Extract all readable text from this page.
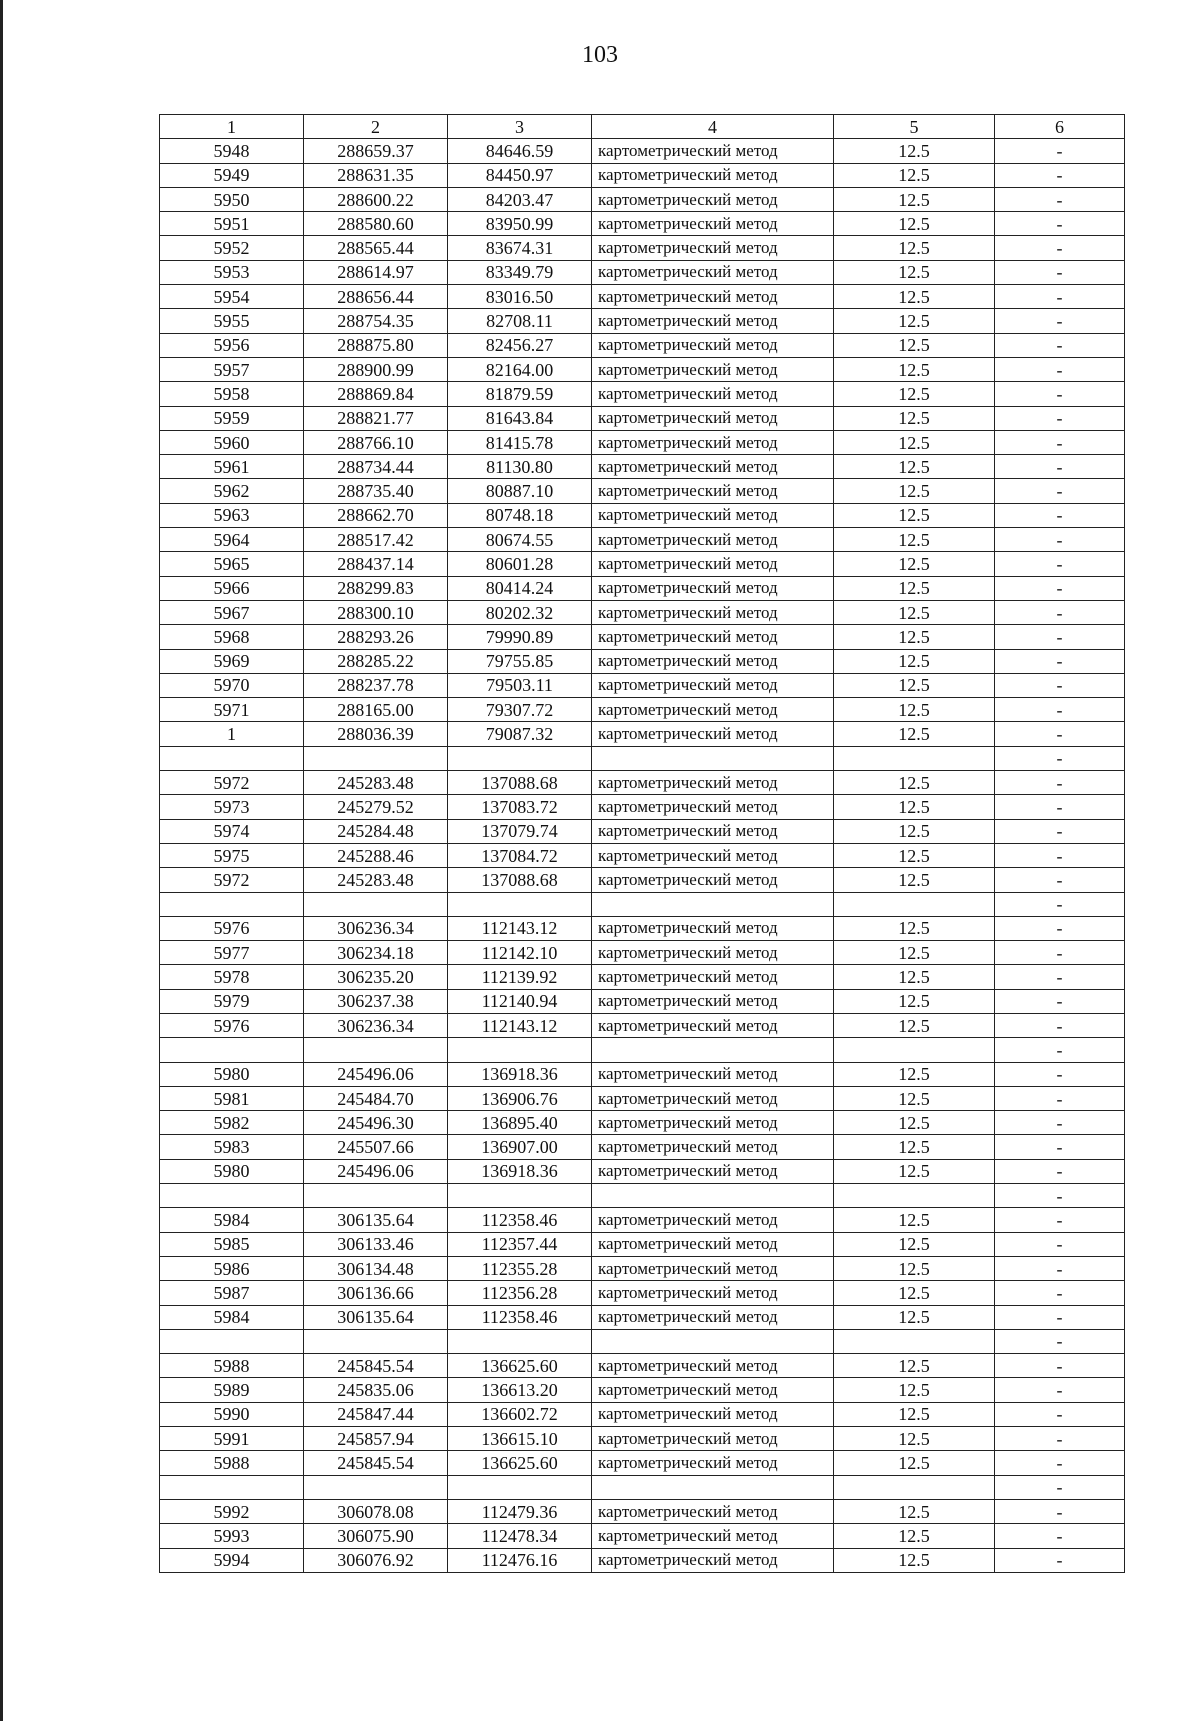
103
1	2	3	4	5	6
5948	288659.37	84646.59	картометрический метод	12.5	-
5949	288631.35	84450.97	картометрический метод	12.5	-
5950	288600.22	84203.47	картометрический метод	12.5	-
5951	288580.60	83950.99	картометрический метод	12.5	-
5952	288565.44	83674.31	картометрический метод	12.5	-
5953	288614.97	83349.79	картометрический метод	12.5	-
5954	288656.44	83016.50	картометрический метод	12.5	-
5955	288754.35	82708.11	картометрический метод	12.5	-
5956	288875.80	82456.27	картометрический метод	12.5	-
5957	288900.99	82164.00	картометрический метод	12.5	-
5958	288869.84	81879.59	картометрический метод	12.5	-
5959	288821.77	81643.84	картометрический метод	12.5	-
5960	288766.10	81415.78	картометрический метод	12.5	-
5961	288734.44	81130.80	картометрический метод	12.5	-
5962	288735.40	80887.10	картометрический метод	12.5	-
5963	288662.70	80748.18	картометрический метод	12.5	-
5964	288517.42	80674.55	картометрический метод	12.5	-
5965	288437.14	80601.28	картометрический метод	12.5	-
5966	288299.83	80414.24	картометрический метод	12.5	-
5967	288300.10	80202.32	картометрический метод	12.5	-
5968	288293.26	79990.89	картометрический метод	12.5	-
5969	288285.22	79755.85	картометрический метод	12.5	-
5970	288237.78	79503.11	картометрический метод	12.5	-
5971	288165.00	79307.72	картометрический метод	12.5	-
1	288036.39	79087.32	картометрический метод	12.5	-
					-
5972	245283.48	137088.68	картометрический метод	12.5	-
5973	245279.52	137083.72	картометрический метод	12.5	-
5974	245284.48	137079.74	картометрический метод	12.5	-
5975	245288.46	137084.72	картометрический метод	12.5	-
5972	245283.48	137088.68	картометрический метод	12.5	-
					-
5976	306236.34	112143.12	картометрический метод	12.5	-
5977	306234.18	112142.10	картометрический метод	12.5	-
5978	306235.20	112139.92	картометрический метод	12.5	-
5979	306237.38	112140.94	картометрический метод	12.5	-
5976	306236.34	112143.12	картометрический метод	12.5	-
					-
5980	245496.06	136918.36	картометрический метод	12.5	-
5981	245484.70	136906.76	картометрический метод	12.5	-
5982	245496.30	136895.40	картометрический метод	12.5	-
5983	245507.66	136907.00	картометрический метод	12.5	-
5980	245496.06	136918.36	картометрический метод	12.5	-
					-
5984	306135.64	112358.46	картометрический метод	12.5	-
5985	306133.46	112357.44	картометрический метод	12.5	-
5986	306134.48	112355.28	картометрический метод	12.5	-
5987	306136.66	112356.28	картометрический метод	12.5	-
5984	306135.64	112358.46	картометрический метод	12.5	-
					-
5988	245845.54	136625.60	картометрический метод	12.5	-
5989	245835.06	136613.20	картометрический метод	12.5	-
5990	245847.44	136602.72	картометрический метод	12.5	-
5991	245857.94	136615.10	картометрический метод	12.5	-
5988	245845.54	136625.60	картометрический метод	12.5	-
					-
5992	306078.08	112479.36	картометрический метод	12.5	-
5993	306075.90	112478.34	картометрический метод	12.5	-
5994	306076.92	112476.16	картометрический метод	12.5	-
